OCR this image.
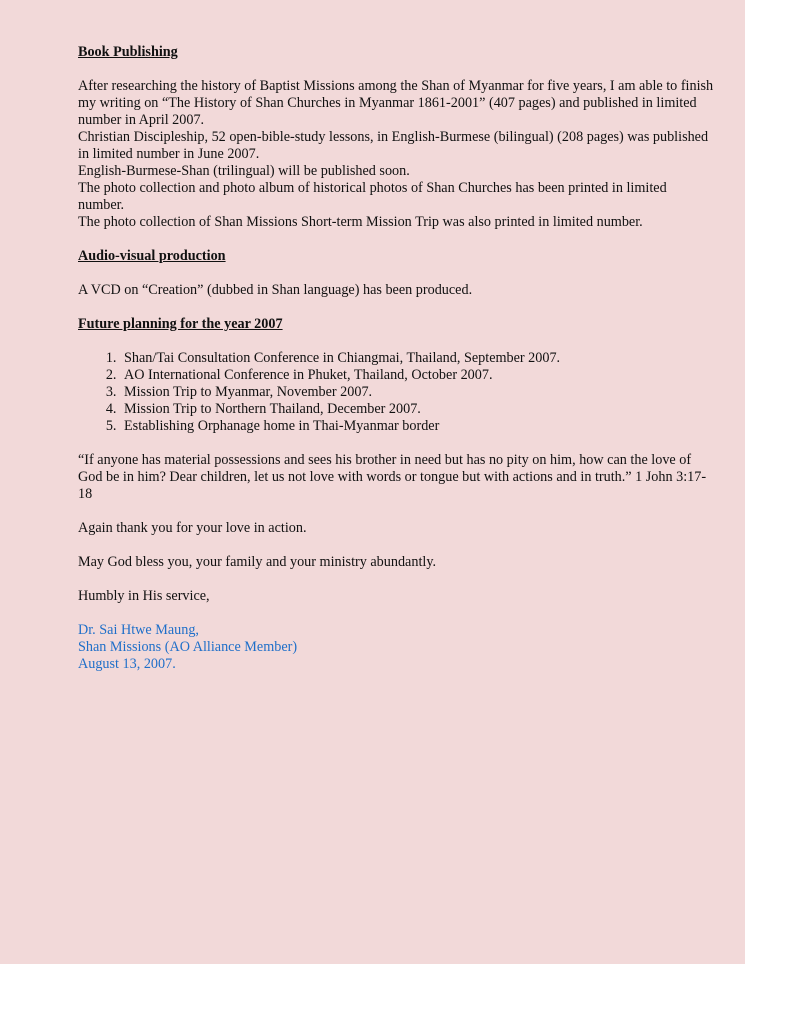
Book Publishing

After researching the history of Baptist Missions among the Shan of Myanmar for five years, I am able to finish my writing on “The History of Shan Churches in Myanmar 1861-2001” (407 pages) and published in limited number in April 2007.

Christian Discipleship, 52 open-bible-study lessons, in English-Burmese (bilingual) (208 pages) was published in limited number in June 2007.

English-Burmese-Shan (trilingual) will be published soon.

The photo collection and photo album of historical photos of Shan Churches has been printed in limited number.

The photo collection of Shan Missions Short-term Mission Trip was also printed in limited number.

Audio-visual production

A VCD on “Creation” (dubbed in Shan language) has been produced.

Future planning for the year 2007

1. Shan/Tai Consultation Conference in Chiangmai, Thailand, September 2007.
2. AO International Conference in Phuket, Thailand, October 2007.
3. Mission Trip to Myanmar, November 2007.
4. Mission Trip to Northern Thailand, December 2007.
5. Establishing Orphanage home in Thai-Myanmar border

“If anyone has material possessions and sees his brother in need but has no pity on him, how can the love of God be in him? Dear children, let us not love with words or tongue but with actions and in truth.” 1 John 3:17-18

Again thank you for your love in action.

May God bless you, your family and your ministry abundantly.

Humbly in His service,

Dr. Sai Htwe Maung,

Shan Missions (AO Alliance Member)

August 13, 2007.
